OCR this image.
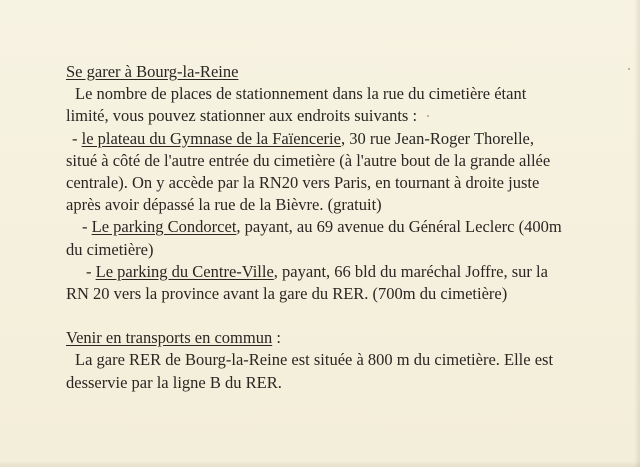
Se garer à Bourg-la-Reine
Le nombre de places de stationnement dans la rue du cimetière étant
limité, vous pouvez stationner aux endroits suivants :
- le plateau du Gymnase de la Faïencerie, 30 rue Jean-Roger Thorelle,
situé à côté de l'autre entrée du cimetière (à l'autre bout de la grande allée
centrale). On y accède par la RN20 vers Paris, en tournant à droite juste
après avoir dépassé la rue de la Bièvre. (gratuit)
- Le parking Condorcet, payant, au 69 avenue du Général Leclerc (400m
du cimetière)
- Le parking du Centre-Ville, payant, 66 bld du maréchal Joffre, sur la
RN 20 vers la province avant la gare du RER. (700m du cimetière)
Venir en transports en commun :
La gare RER de Bourg-la-Reine est située à 800 m du cimetière. Elle est
desservie par la ligne B du RER.
